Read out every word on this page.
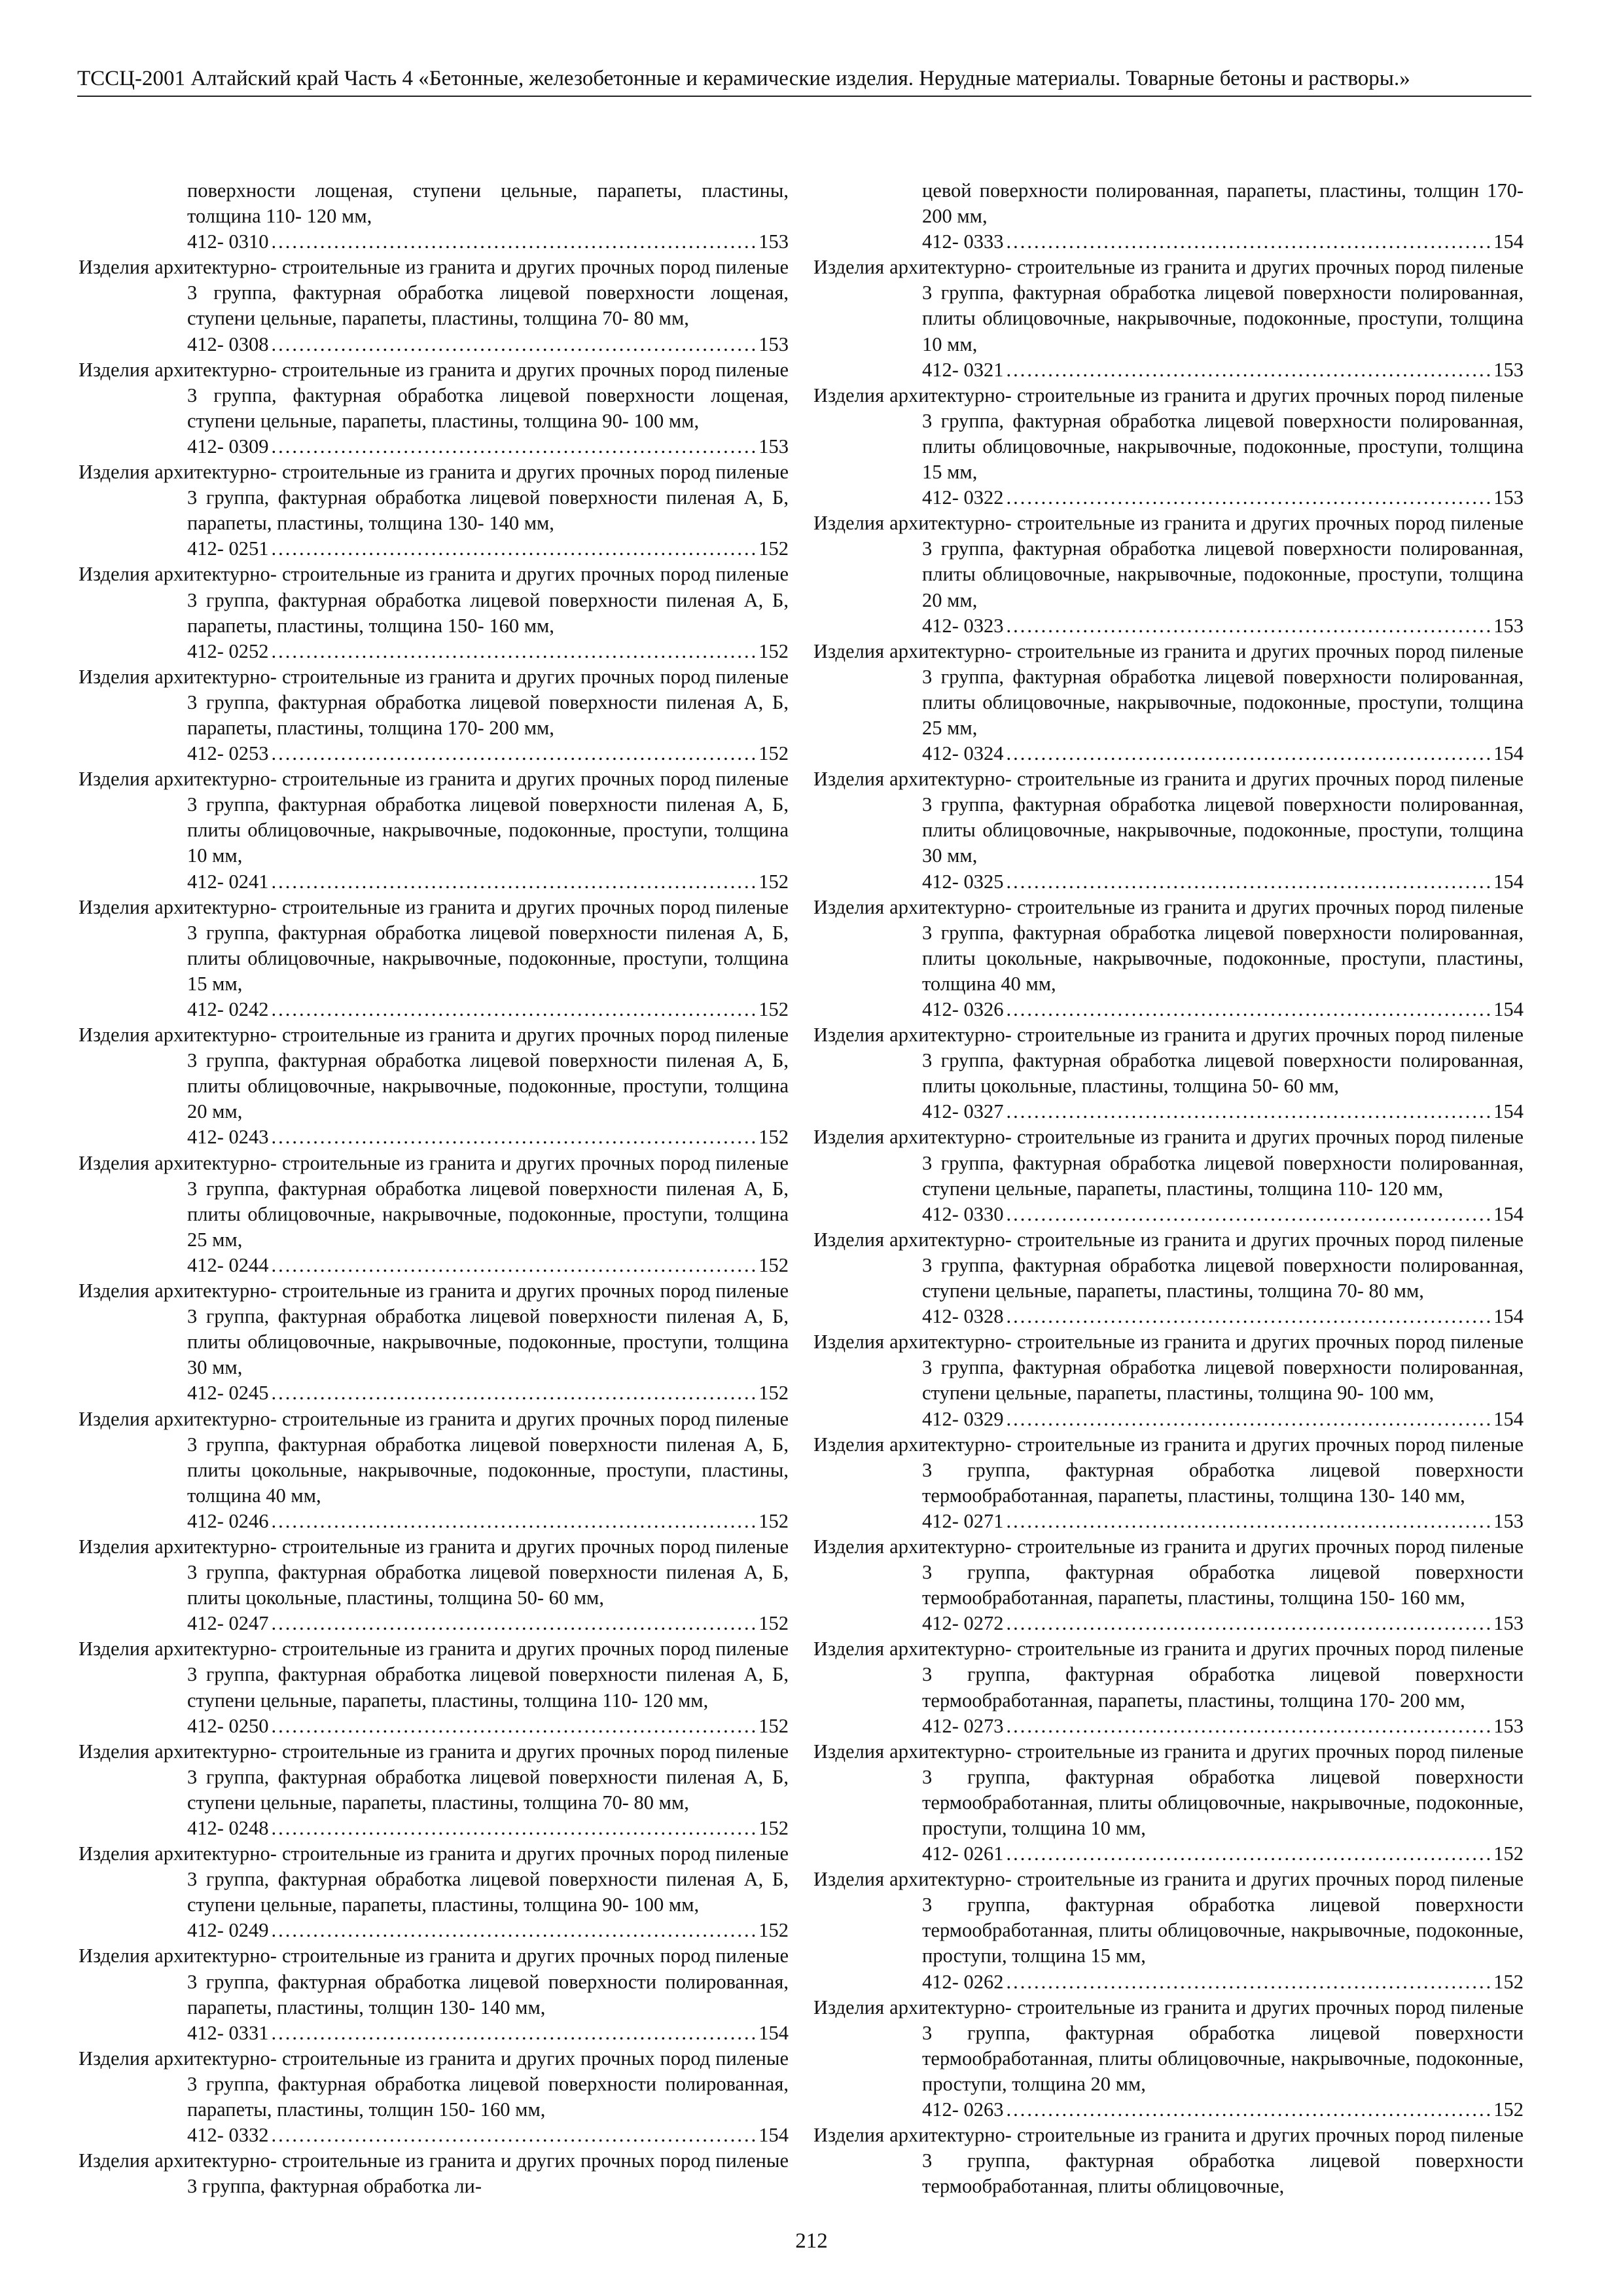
ТССЦ-2001 Алтайский край Часть 4 «Бетонные, железобетонные и керамические изделия. Нерудные материалы. Товарные бетоны и растворы.»
поверхности лощеная, ступени цельные, парапеты, пластины, толщина 110- 120 мм,
412- 0310 .....	153
Изделия архитектурно- строительные из гранита и других прочных пород пиленые 3 группа, фактурная обработка лицевой поверхности лощеная, ступени цельные, парапеты, пластины, толщина 70- 80 мм,
412- 0308 .....	153
Изделия архитектурно- строительные из гранита и других прочных пород пиленые 3 группа, фактурная обработка лицевой поверхности лощеная, ступени цельные, парапеты, пластины, толщина 90- 100 мм,
412- 0309 .....	153
Изделия архитектурно- строительные из гранита и других прочных пород пиленые 3 группа, фактурная обработка лицевой поверхности пиленая А, Б, парапеты, пластины, толщина 130- 140 мм,
412- 0251 .....	152
Изделия архитектурно- строительные из гранита и других прочных пород пиленые 3 группа, фактурная обработка лицевой поверхности пиленая А, Б, парапеты, пластины, толщина 150- 160 мм,
412- 0252 .....	152
Изделия архитектурно- строительные из гранита и других прочных пород пиленые 3 группа, фактурная обработка лицевой поверхности пиленая А, Б, парапеты, пластины, толщина 170- 200 мм,
412- 0253 .....	152
Изделия архитектурно- строительные из гранита и других прочных пород пиленые 3 группа, фактурная обработка лицевой поверхности пиленая А, Б, плиты облицовочные, накрывочные, подоконные, проступи, толщина 10 мм,
412- 0241 .....	152
Изделия архитектурно- строительные из гранита и других прочных пород пиленые 3 группа, фактурная обработка лицевой поверхности пиленая А, Б, плиты облицовочные, накрывочные, подоконные, проступи, толщина 15 мм,
412- 0242 .....	152
Изделия архитектурно- строительные из гранита и других прочных пород пиленые 3 группа, фактурная обработка лицевой поверхности пиленая А, Б, плиты облицовочные, накрывочные, подоконные, проступи, толщина 20 мм,
412- 0243 .....	152
Изделия архитектурно- строительные из гранита и других прочных пород пиленые 3 группа, фактурная обработка лицевой поверхности пиленая А, Б, плиты облицовочные, накрывочные, подоконные, проступи, толщина 25 мм,
412- 0244 .....	152
Изделия архитектурно- строительные из гранита и других прочных пород пиленые 3 группа, фактурная обработка лицевой поверхности пиленая А, Б, плиты облицовочные, накрывочные, подоконные, проступи, толщина 30 мм,
412- 0245 .....	152
Изделия архитектурно- строительные из гранита и других прочных пород пиленые 3 группа, фактурная обработка лицевой поверхности пиленая А, Б, плиты цокольные, накрывочные, подоконные, проступи, пластины, толщина 40 мм,
412- 0246 .....	152
Изделия архитектурно- строительные из гранита и других прочных пород пиленые 3 группа, фактурная обработка лицевой поверхности пиленая А, Б, плиты цокольные, пластины, толщина 50- 60 мм,
412- 0247 .....	152
Изделия архитектурно- строительные из гранита и других прочных пород пиленые 3 группа, фактурная обработка лицевой поверхности пиленая А, Б, ступени цельные, парапеты, пластины, толщина 110- 120 мм,
412- 0250 .....	152
Изделия архитектурно- строительные из гранита и других прочных пород пиленые 3 группа, фактурная обработка лицевой поверхности пиленая А, Б, ступени цельные, парапеты, пластины, толщина 70- 80 мм,
412- 0248 .....	152
Изделия архитектурно- строительные из гранита и других прочных пород пиленые 3 группа, фактурная обработка лицевой поверхности пиленая А, Б, ступени цельные, парапеты, пластины, толщина 90- 100 мм,
412- 0249 .....	152
Изделия архитектурно- строительные из гранита и других прочных пород пиленые 3 группа, фактурная обработка лицевой поверхности полированная, парапеты, пластины, толщин 130- 140 мм,
412- 0331 .....	154
Изделия архитектурно- строительные из гранита и других прочных пород пиленые 3 группа, фактурная обработка лицевой поверхности полированная, парапеты, пластины, толщин 150- 160 мм,
412- 0332 .....	154
Изделия архитектурно- строительные из гранита и других прочных пород пиленые 3 группа, фактурная обработка ли-
цевой поверхности полированная, парапеты, пластины, толщин 170- 200 мм,
412- 0333 .....	154
Изделия архитектурно- строительные из гранита и других прочных пород пиленые 3 группа, фактурная обработка лицевой поверхности полированная, плиты облицовочные, накрывочные, подоконные, проступи, толщина 10 мм,
412- 0321 .....	153
Изделия архитектурно- строительные из гранита и других прочных пород пиленые 3 группа, фактурная обработка лицевой поверхности полированная, плиты облицовочные, накрывочные, подоконные, проступи, толщина 15 мм,
412- 0322 .....	153
Изделия архитектурно- строительные из гранита и других прочных пород пиленые 3 группа, фактурная обработка лицевой поверхности полированная, плиты облицовочные, накрывочные, подоконные, проступи, толщина 20 мм,
412- 0323 .....	153
Изделия архитектурно- строительные из гранита и других прочных пород пиленые 3 группа, фактурная обработка лицевой поверхности полированная, плиты облицовочные, накрывочные, подоконные, проступи, толщина 25 мм,
412- 0324 .....	154
Изделия архитектурно- строительные из гранита и других прочных пород пиленые 3 группа, фактурная обработка лицевой поверхности полированная, плиты облицовочные, накрывочные, подоконные, проступи, толщина 30 мм,
412- 0325 .....	154
Изделия архитектурно- строительные из гранита и других прочных пород пиленые 3 группа, фактурная обработка лицевой поверхности полированная, плиты цокольные, накрывочные, подоконные, проступи, пластины, толщина 40 мм,
412- 0326 .....	154
Изделия архитектурно- строительные из гранита и других прочных пород пиленые 3 группа, фактурная обработка лицевой поверхности полированная, плиты цокольные, пластины, толщина 50- 60 мм,
412- 0327 .....	154
Изделия архитектурно- строительные из гранита и других прочных пород пиленые 3 группа, фактурная обработка лицевой поверхности полированная, ступени цельные, парапеты, пластины, толщина 110- 120 мм,
412- 0330 .....	154
Изделия архитектурно- строительные из гранита и других прочных пород пиленые 3 группа, фактурная обработка лицевой поверхности полированная, ступени цельные, парапеты, пластины, толщина 70- 80 мм,
412- 0328 .....	154
Изделия архитектурно- строительные из гранита и других прочных пород пиленые 3 группа, фактурная обработка лицевой поверхности полированная, ступени цельные, парапеты, пластины, толщина 90- 100 мм,
412- 0329 .....	154
Изделия архитектурно- строительные из гранита и других прочных пород пиленые 3 группа, фактурная обработка лицевой поверхности термообработанная, парапеты, пластины, толщина 130- 140 мм,
412- 0271 .....	153
Изделия архитектурно- строительные из гранита и других прочных пород пиленые 3 группа, фактурная обработка лицевой поверхности термообработанная, парапеты, пластины, толщина 150- 160 мм,
412- 0272 .....	153
Изделия архитектурно- строительные из гранита и других прочных пород пиленые 3 группа, фактурная обработка лицевой поверхности термообработанная, парапеты, пластины, толщина 170- 200 мм,
412- 0273 .....	153
Изделия архитектурно- строительные из гранита и других прочных пород пиленые 3 группа, фактурная обработка лицевой поверхности термообработанная, плиты облицовочные, накрывочные, подоконные, проступи, толщина 10 мм,
412- 0261 .....	152
Изделия архитектурно- строительные из гранита и других прочных пород пиленые 3 группа, фактурная обработка лицевой поверхности термообработанная, плиты облицовочные, накрывочные, подоконные, проступи, толщина 15 мм,
412- 0262 .....	152
Изделия архитектурно- строительные из гранита и других прочных пород пиленые 3 группа, фактурная обработка лицевой поверхности термообработанная, плиты облицовочные, накрывочные, подоконные, проступи, толщина 20 мм,
412- 0263 .....	152
Изделия архитектурно- строительные из гранита и других прочных пород пиленые 3 группа, фактурная обработка лицевой поверхности термообработанная, плиты облицовочные,
212
